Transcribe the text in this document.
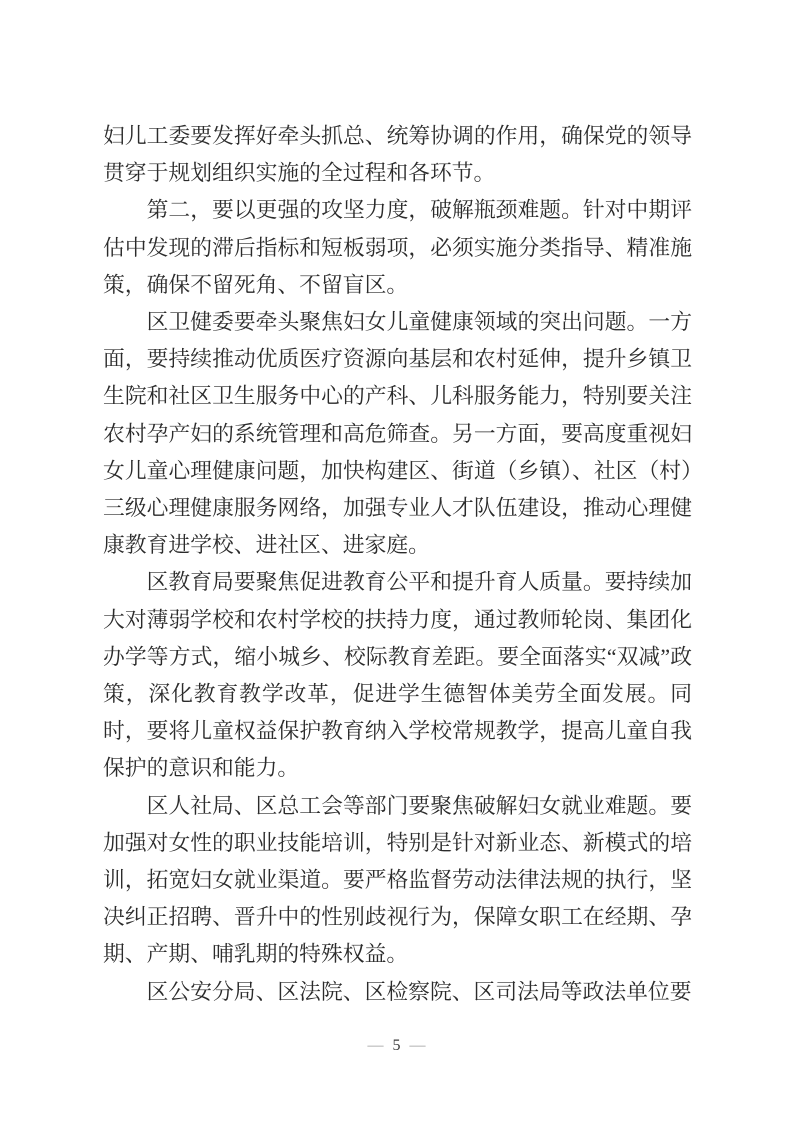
妇儿工委要发挥好牵头抓总、统筹协调的作用，确保党的领导贯穿于规划组织实施的全过程和各环节。

第二，要以更强的攻坚力度，破解瓶颈难题。针对中期评估中发现的滞后指标和短板弱项，必须实施分类指导、精准施策，确保不留死角、不留盲区。

区卫健委要牵头聚焦妇女儿童健康领域的突出问题。一方面，要持续推动优质医疗资源向基层和农村延伸，提升乡镇卫生院和社区卫生服务中心的产科、儿科服务能力，特别要关注农村孕产妇的系统管理和高危筛查。另一方面，要高度重视妇女儿童心理健康问题，加快构建区、街道（乡镇）、社区（村）三级心理健康服务网络，加强专业人才队伍建设，推动心理健康教育进学校、进社区、进家庭。

区教育局要聚焦促进教育公平和提升育人质量。要持续加大对薄弱学校和农村学校的扶持力度，通过教师轮岗、集团化办学等方式，缩小城乡、校际教育差距。要全面落实“双减”政策，深化教育教学改革，促进学生德智体美劳全面发展。同时，要将儿童权益保护教育纳入学校常规教学，提高儿童自我保护的意识和能力。

区人社局、区总工会等部门要聚焦破解妇女就业难题。要加强对女性的职业技能培训，特别是针对新业态、新模式的培训，拓宽妇女就业渠道。要严格监督劳动法律法规的执行，坚决纠正招聘、晋升中的性别歧视行为，保障女职工在经期、孕期、产期、哺乳期的特殊权益。

区公安分局、区法院、区检察院、区司法局等政法单位要

— 5 —
